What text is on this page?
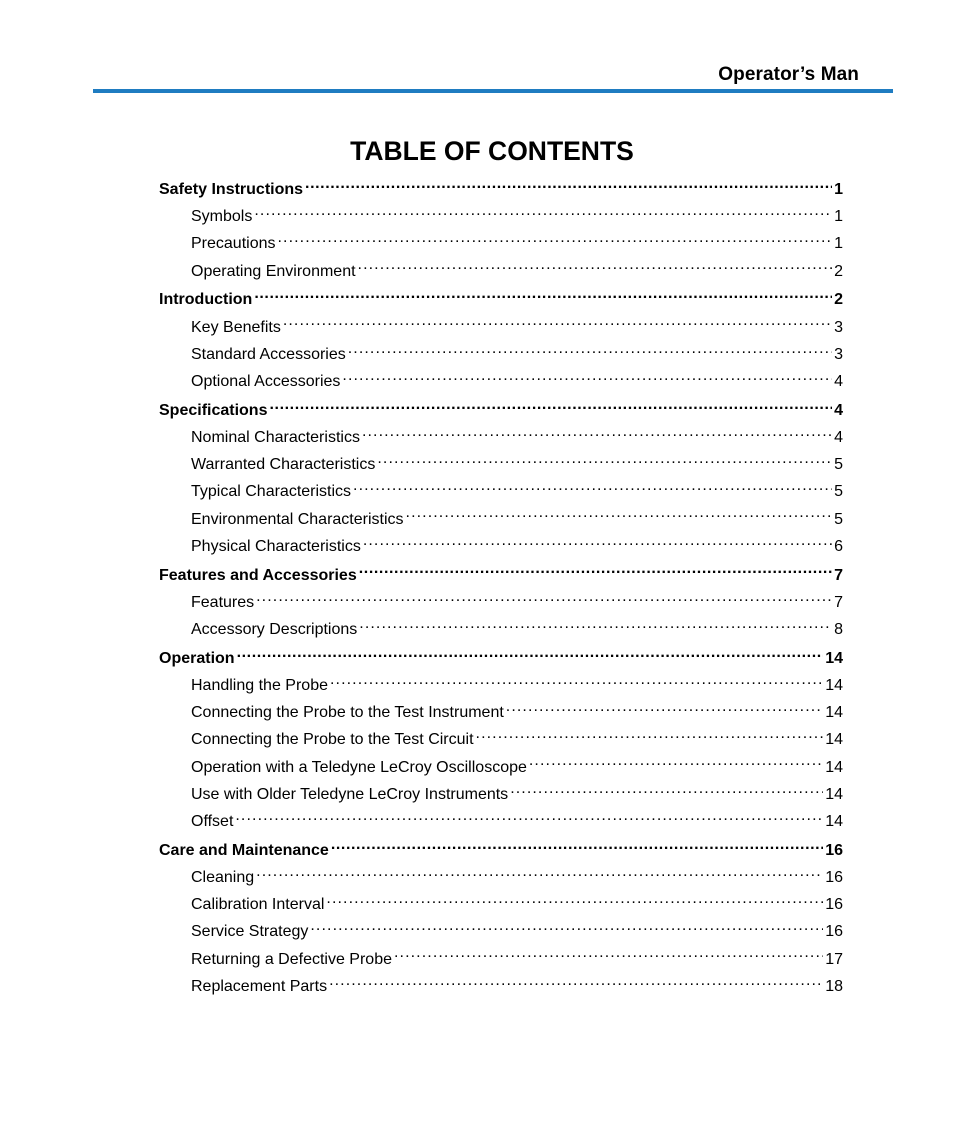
Operator’s Man
TABLE OF CONTENTS
Safety Instructions .....	1
Symbols .....	1
Precautions .....	1
Operating Environment .....	2
Introduction .....	2
Key Benefits .....	3
Standard Accessories .....	3
Optional Accessories .....	4
Specifications .....	4
Nominal Characteristics .....	4
Warranted Characteristics .....	5
Typical Characteristics .....	5
Environmental Characteristics .....	5
Physical Characteristics .....	6
Features and Accessories .....	7
Features .....	7
Accessory Descriptions .....	8
Operation .....	14
Handling the Probe .....	14
Connecting the Probe to the Test Instrument .....	14
Connecting the Probe to the Test Circuit .....	14
Operation with a Teledyne LeCroy Oscilloscope .....	14
Use with Older Teledyne LeCroy Instruments .....	14
Offset .....	14
Care and Maintenance .....	16
Cleaning .....	16
Calibration Interval .....	16
Service Strategy .....	16
Returning a Defective Probe .....	17
Replacement Parts .....	18
